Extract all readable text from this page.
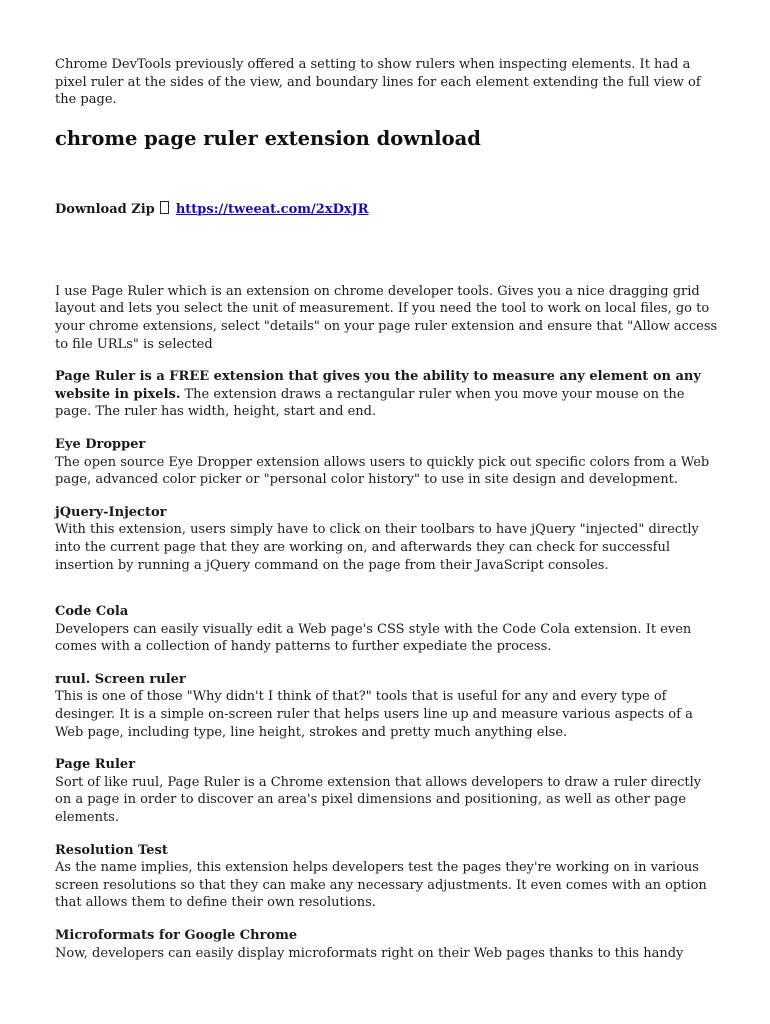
Chrome DevTools previously offered a setting to show rulers when inspecting elements. It had a pixel ruler at the sides of the view, and boundary lines for each element extending the full view of the page.

chrome page ruler extension download

Download Zip https://tweeat.com/2xDxJR

I use Page Ruler which is an extension on chrome developer tools. Gives you a nice dragging grid layout and lets you select the unit of measurement. If you need the tool to work on local files, go to your chrome extensions, select "details" on your page ruler extension and ensure that "Allow access to file URLs" is selected

Page Ruler is a FREE extension that gives you the ability to measure any element on any website in pixels. The extension draws a rectangular ruler when you move your mouse on the page. The ruler has width, height, start and end.

Eye Dropper

The open source Eye Dropper extension allows users to quickly pick out specific colors from a Web page, advanced color picker or "personal color history" to use in site design and development.

jQuery-Injector

With this extension, users simply have to click on their toolbars to have jQuery "injected" directly into the current page that they are working on, and afterwards they can check for successful insertion by running a jQuery command on the page from their JavaScript consoles.

Code Cola

Developers can easily visually edit a Web page's CSS style with the Code Cola extension. It even comes with a collection of handy patterns to further expediate the process.

ruul. Screen ruler

This is one of those "Why didn't I think of that?" tools that is useful for any and every type of desinger. It is a simple on-screen ruler that helps users line up and measure various aspects of a Web page, including type, line height, strokes and pretty much anything else.

Page Ruler

Sort of like ruul, Page Ruler is a Chrome extension that allows developers to draw a ruler directly on a page in order to discover an area's pixel dimensions and positioning, as well as other page elements.

Resolution Test

As the name implies, this extension helps developers test the pages they're working on in various screen resolutions so that they can make any necessary adjustments. It even comes with an option that allows them to define their own resolutions.

Microformats for Google Chrome

Now, developers can easily display microformats right on their Web pages thanks to this handy
